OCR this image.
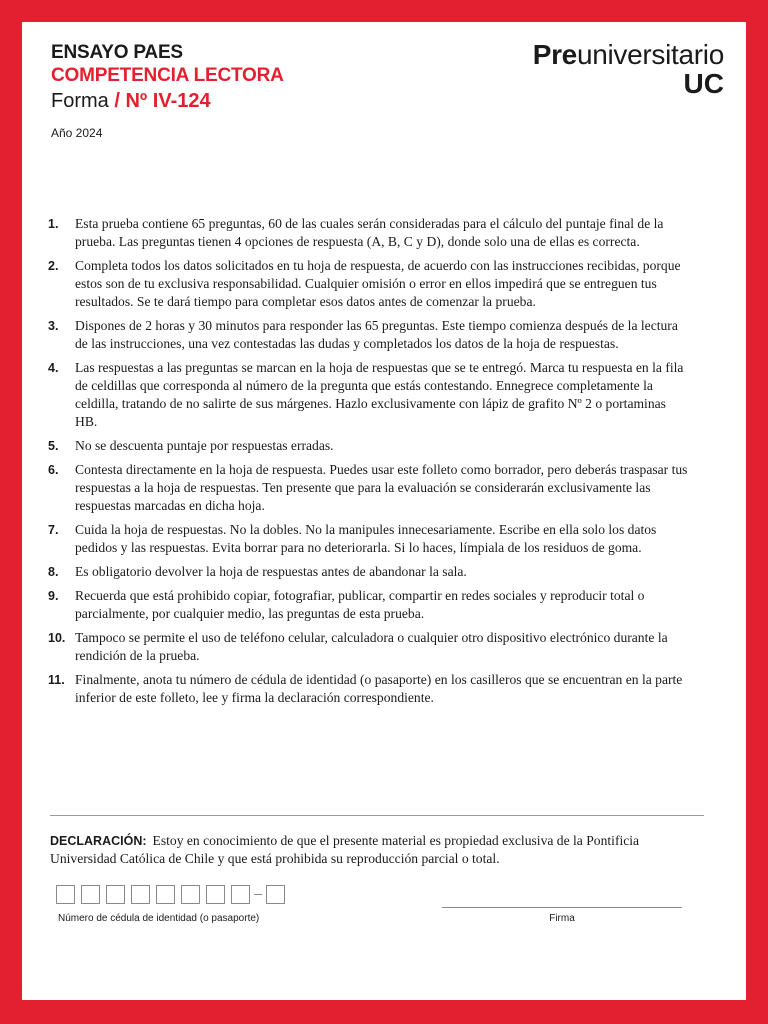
ENSAYO PAES
COMPETENCIA LECTORA
Forma / Nº IV-124
Año 2024
Preuniversitario
UC
1.	Esta prueba contiene 65 preguntas, 60 de las cuales serán consideradas para el cálculo del puntaje final de la prueba. Las preguntas tienen 4 opciones de respuesta (A, B, C y D), donde solo una de ellas es correcta.
2.	Completa todos los datos solicitados en tu hoja de respuesta, de acuerdo con las instrucciones recibidas, porque estos son de tu exclusiva responsabilidad. Cualquier omisión o error en ellos impedirá que se entreguen tus resultados. Se te dará tiempo para completar esos datos antes de comenzar la prueba.
3.	Dispones de 2 horas y 30 minutos para responder las 65 preguntas. Este tiempo comienza después de la lectura de las instrucciones, una vez contestadas las dudas y completados los datos de la hoja de respuestas.
4.	Las respuestas a las preguntas se marcan en la hoja de respuestas que se te entregó. Marca tu respuesta en la fila de celdillas que corresponda al número de la pregunta que estás contestando. Ennegrece completamente la celdilla, tratando de no salirte de sus márgenes. Hazlo exclusivamente con lápiz de grafito Nº 2 o portaminas HB.
5.	No se descuenta puntaje por respuestas erradas.
6.	Contesta directamente en la hoja de respuesta. Puedes usar este folleto como borrador, pero deberás traspasar tus respuestas a la hoja de respuestas. Ten presente que para la evaluación se considerarán exclusivamente las respuestas marcadas en dicha hoja.
7.	Cuida la hoja de respuestas. No la dobles. No la manipules innecesariamente. Escribe en ella solo los datos pedidos y las respuestas. Evita borrar para no deteriorarla. Si lo haces, límpiala de los residuos de goma.
8.	Es obligatorio devolver la hoja de respuestas antes de abandonar la sala.
9.	Recuerda que está prohibido copiar, fotografiar, publicar, compartir en redes sociales y reproducir total o parcialmente, por cualquier medio, las preguntas de esta prueba.
10. Tampoco se permite el uso de teléfono celular, calculadora o cualquier otro dispositivo electrónico durante la rendición de la prueba.
11. Finalmente, anota tu número de cédula de identidad (o pasaporte) en los casilleros que se encuentran en la parte inferior de este folleto, lee y firma la declaración correspondiente.
DECLARACIÓN: Estoy en conocimiento de que el presente material es propiedad exclusiva de la Pontificia Universidad Católica de Chile y que está prohibida su reproducción parcial o total.
Número de cédula de identidad (o pasaporte)	Firma
